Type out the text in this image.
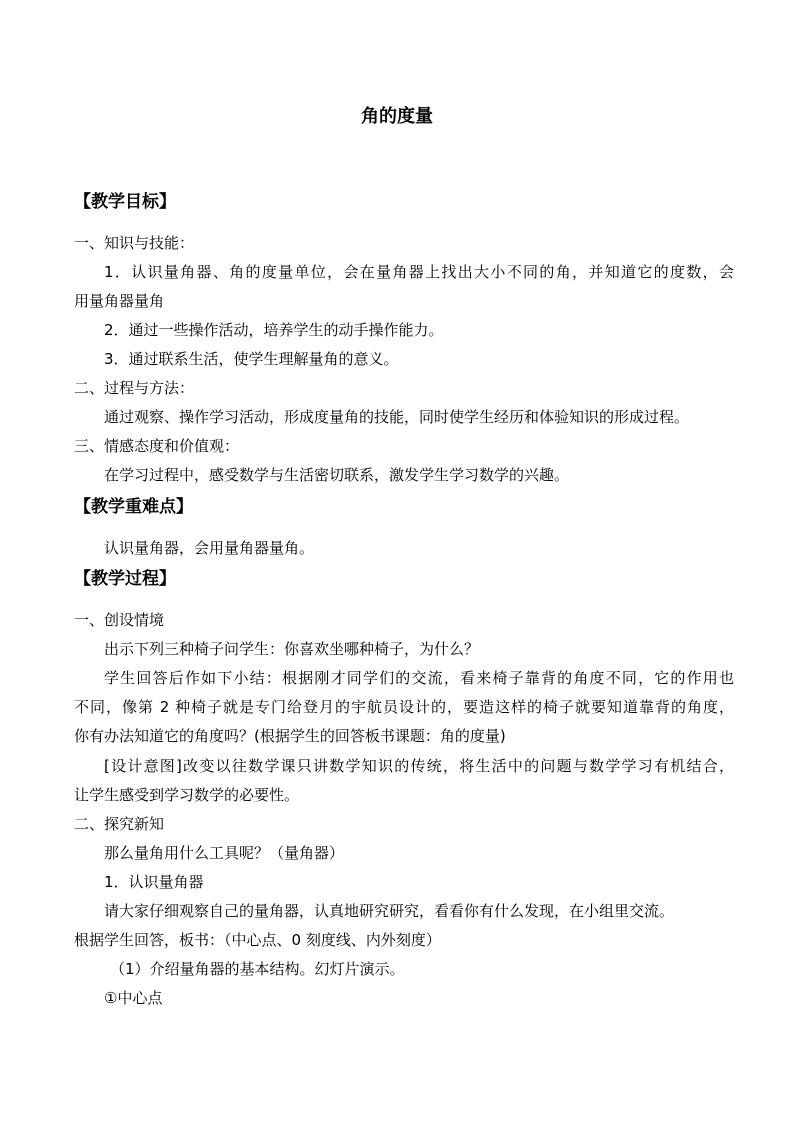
角的度量
【教学目标】
一、知识与技能：
1．认识量角器、角的度量单位，会在量角器上找出大小不同的角，并知道它的度数，会
用量角器量角
2．通过一些操作活动，培养学生的动手操作能力。
3．通过联系生活，使学生理解量角的意义。
二、过程与方法：
通过观察、操作学习活动，形成度量角的技能，同时使学生经历和体验知识的形成过程。
三、情感态度和价值观：
在学习过程中，感受数学与生活密切联系，激发学生学习数学的兴趣。
【教学重难点】
认识量角器，会用量角器量角。
【教学过程】
一、创设情境
出示下列三种椅子问学生：你喜欢坐哪种椅子，为什么？
学生回答后作如下小结：根据刚才同学们的交流，看来椅子靠背的角度不同，它的作用也
不同，像第 2 种椅子就是专门给登月的宇航员设计的，要造这样的椅子就要知道靠背的角度，
你有办法知道它的角度吗？(根据学生的回答板书课题：角的度量)
[设计意图]改变以往数学课只讲数学知识的传统，将生活中的问题与数学学习有机结合，
让学生感受到学习数学的必要性。
二、探究新知
那么量角用什么工具呢？（量角器）
1．认识量角器
请大家仔细观察自己的量角器，认真地研究研究，看看你有什么发现，在小组里交流。
根据学生回答，板书：（中心点、0 刻度线、内外刻度）
（1）介绍量角器的基本结构。幻灯片演示。
①中心点
